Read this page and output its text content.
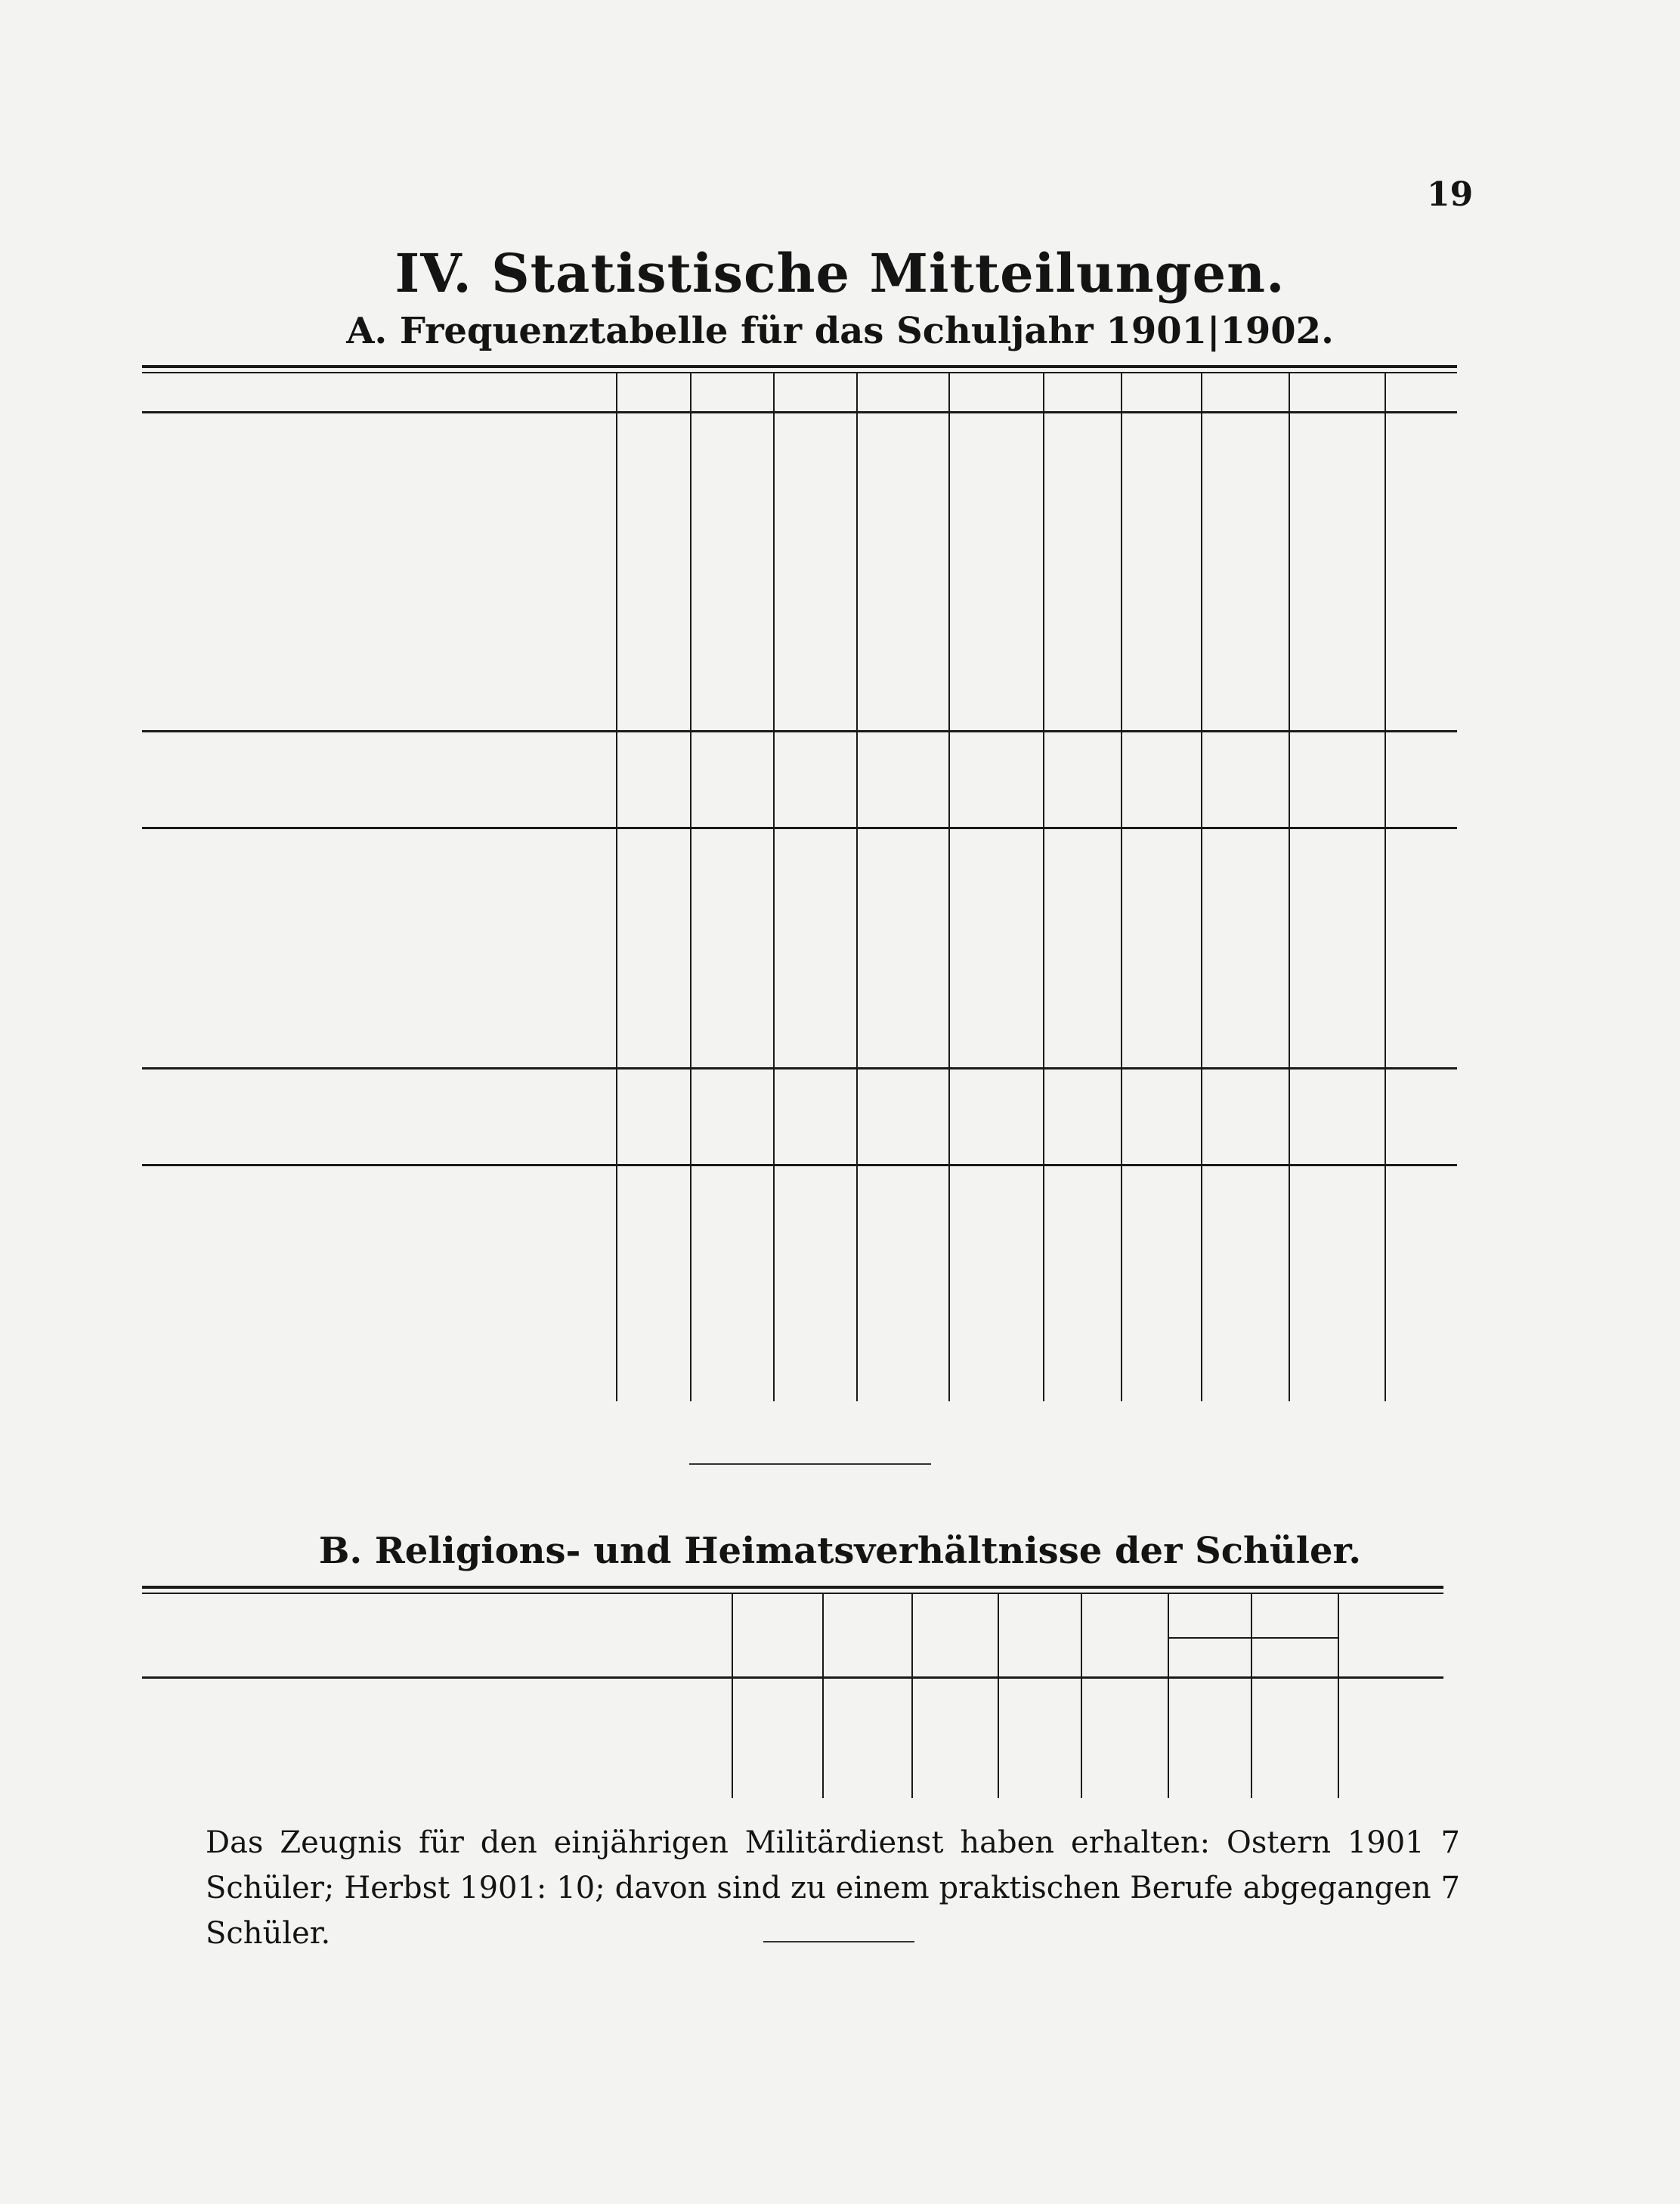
19
IV. Statistische Mitteilungen.
A. Frequenztabelle für das Schuljahr 1901|1902.
B. Religions- und Heimatsverhältnisse der Schüler.
Das Zeugnis für den einjährigen Militärdienst haben erhalten: Ostern 1901 7 Schüler; Herbst 1901: 10; davon sind zu einem praktischen Berufe abgegangen 7 Schüler.
